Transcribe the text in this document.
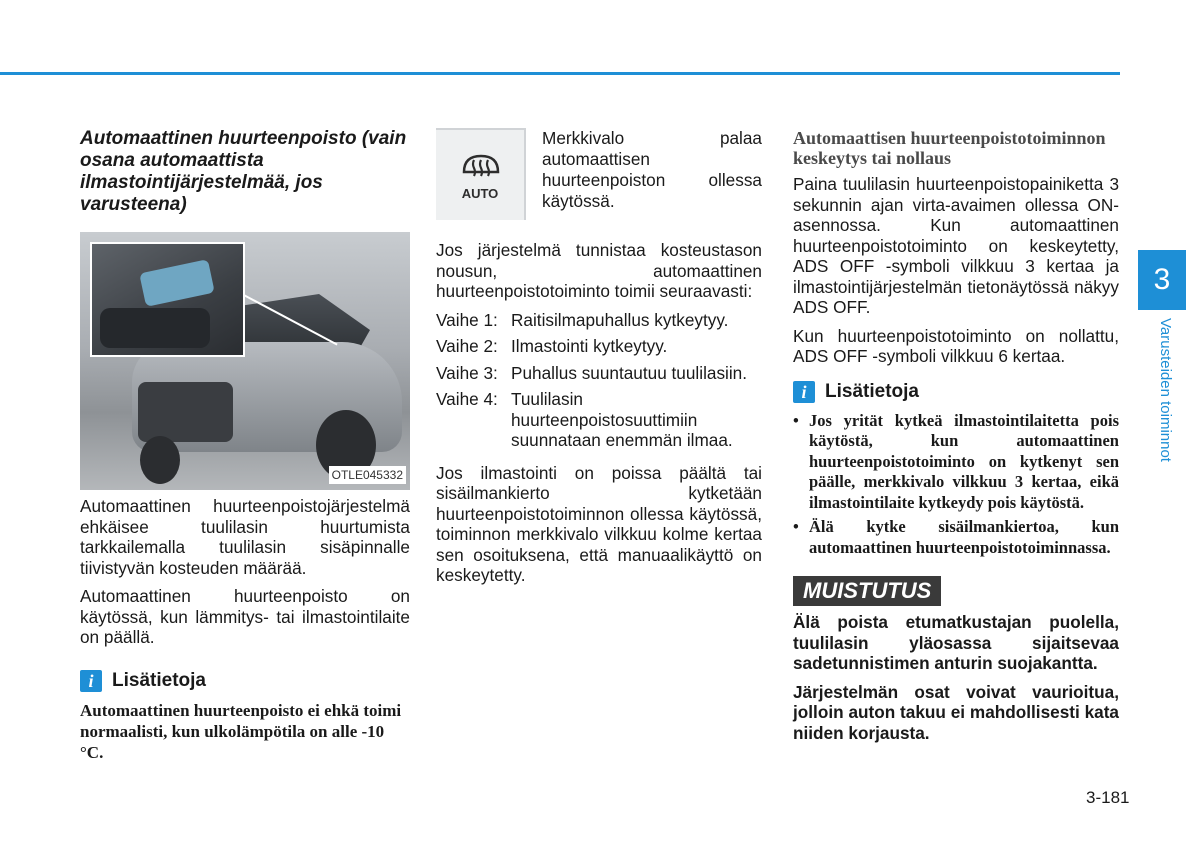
Automaattinen huurteenpoisto (vain osana automaattista ilmastointijärjestelmää, jos varusteena)

OTLE045332

Automaattinen huurteenpoistojärjestelmä ehkäisee tuulilasin huurtumista tarkkailemalla tuulilasin sisäpinnalle tiivistyvän kosteuden määrää.

Automaattinen huurteenpoisto on käytössä, kun lämmitys- tai ilmastointilaite on päällä.

i Lisätietoja

Automaattinen huurteenpoisto ei ehkä toimi normaalisti, kun ulkolämpötila on alle -10 °C.

AUTO
Merkkivalo palaa automaattisen huurteenpoiston ollessa käytössä.

Jos järjestelmä tunnistaa kosteustason nousun, automaattinen huurteenpoistotoiminto toimii seuraavasti:

Vaihe 1: Raitisilmapuhallus kytkeytyy.
Vaihe 2: Ilmastointi kytkeytyy.
Vaihe 3: Puhallus suuntautuu tuulilasiin.
Vaihe 4: Tuulilasin huurteenpoistosuuttimiin suunnataan enemmän ilmaa.

Jos ilmastointi on poissa päältä tai sisäilmankierto kytketään huurteenpoistotoiminnon ollessa käytössä, toiminnon merkkivalo vilkkuu kolme kertaa sen osoituksena, että manuaalikäyttö on keskeytetty.

Automaattisen huurteenpoistotoiminnon keskeytys tai nollaus

Paina tuulilasin huurteenpoistopainiketta 3 sekunnin ajan virta-avaimen ollessa ON-asennossa. Kun automaattinen huurteenpoistotoiminto on keskeytetty, ADS OFF -symboli vilkkuu 3 kertaa ja ilmastointijärjestelmän tietonäytössä näkyy ADS OFF.

Kun huurteenpoistotoiminto on nollattu, ADS OFF -symboli vilkkuu 6 kertaa.

i Lisätietoja
• Jos yrität kytkeä ilmastointilaitetta pois käytöstä, kun automaattinen huurteenpoistotoiminto on kytkenyt sen päälle, merkkivalo vilkkuu 3 kertaa, eikä ilmastointilaite kytkeydy pois käytöstä.
• Älä kytke sisäilmankiertoa, kun automaattinen huurteenpoistotoiminnassa.
MUISTUTUS

Älä poista etumatkustajan puolella, tuulilasin yläosassa sijaitsevaa sadetunnistimen anturin suojakantta.

Järjestelmän osat voivat vaurioitua, jolloin auton takuu ei mahdollisesti kata niiden korjausta.

3
Varusteiden toiminnot
3-181
